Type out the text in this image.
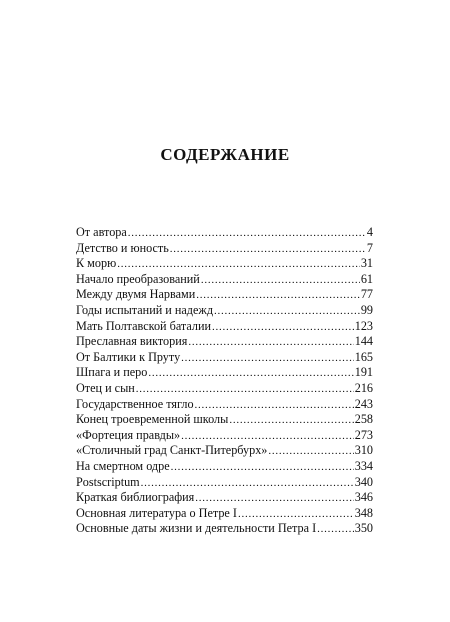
СОДЕРЖАНИЕ
От автора . . .	4
Детство и юность . . .	7
К морю . . .	31
Начало преобразований . . .	61
Между двумя Нарвами . . .	77
Годы испытаний и надежд . . .	99
Мать Полтавской баталии . . .	123
Преславная виктория . . .	144
От Балтики к Пруту . . .	165
Шпага и перо . . .	191
Отец и сын . . .	216
Государственное тягло . . .	243
Конец троевременной школы . . .	258
«Фортеция правды» . . .	273
«Столичный град Санкт-Питербурх» . . .	310
На смертном одре . . .	334
Postscriptum . . .	340
Краткая библиография . . .	346
Основная литература о Петре I . . .	348
Основные даты жизни и деятельности Петра I . . .	350
